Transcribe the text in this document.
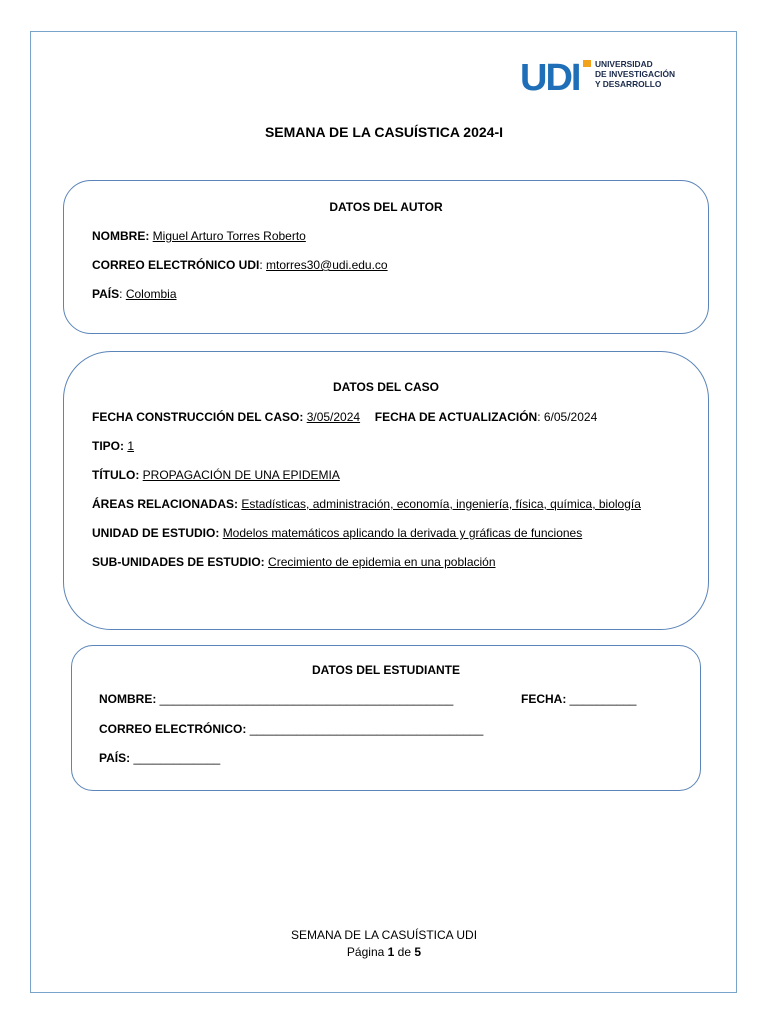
UDI UNIVERSIDAD
DE INVESTIGACIÓN
Y DESARROLLO
SEMANA DE LA CASUÍSTICA 2024-I
DATOS DEL AUTOR
NOMBRE: Miguel Arturo Torres Roberto
CORREO ELECTRÓNICO UDI: mtorres30@udi.edu.co
PAÍS: Colombia
DATOS DEL CASO
FECHA CONSTRUCCIÓN DEL CASO: 3/05/2024 FECHA DE ACTUALIZACIÓN: 6/05/2024
TIPO: 1
TÍTULO: PROPAGACIÓN DE UNA EPIDEMIA
ÁREAS RELACIONADAS: Estadísticas, administración, economía, ingeniería, física, química, biología
UNIDAD DE ESTUDIO: Modelos matemáticos aplicando la derivada y gráficas de funciones
SUB-UNIDADES DE ESTUDIO: Crecimiento de epidemia en una población
DATOS DEL ESTUDIANTE
NOMBRE: ____________________________________________	FECHA: __________
CORREO ELECTRÓNICO: ___________________________________
PAÍS: _____________
SEMANA DE LA CASUÍSTICA UDI
Página 1 de 5
